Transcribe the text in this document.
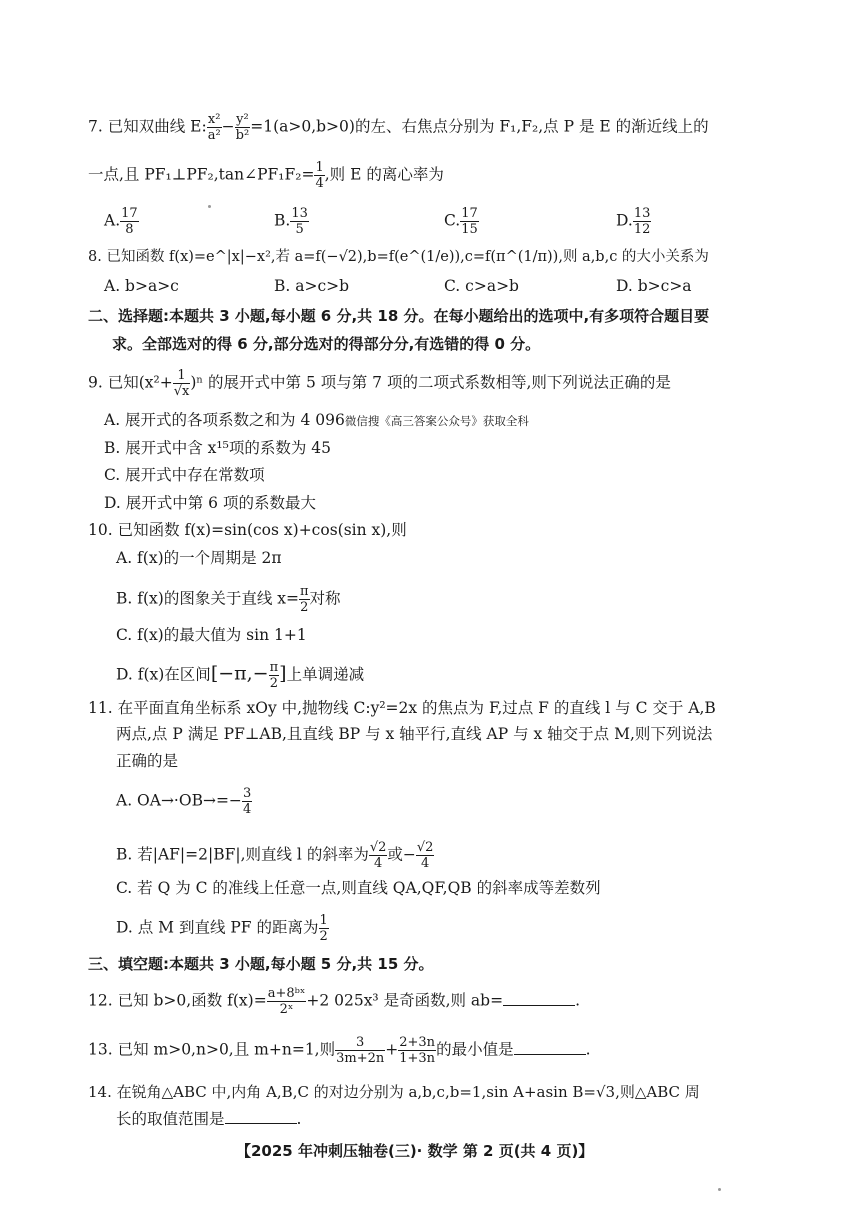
7. 已知双曲线 E: $\frac{\text{x²}}{\text{a²}} - \frac{\text{y²}}{\text{b²}} =1(a>0,b>0)$的左、右焦点分别为 F₁,F₂,点 P 是 E 的渐近线上的
一点,且 PF₁⊥PF₂,tan∠PF₁F₂= $\frac{1}{4}$ ,则 E 的离心率为
A. $\frac{17}{8}$	B. $\frac{13}{5}$	C. $\frac{17}{15}$	D. $\frac{13}{12}$
8. 已知函数 f(x)=e^|x|−x²,若 a=f(−√2),b=f(e^(1/e)),c=f(π^(1/π)),则 a,b,c 的大小关系为
A. b>a>c	B. a>c>b	C. c>a>b	D. b>c>a
二、选择题:本题共 3 小题,每小题 6 分,共 18 分。在每小题给出的选项中,有多项符合题目要
求。全部选对的得 6 分,部分选对的得部分分,有选错的得 0 分。
9. 已知$(x^2+ \frac{1}{√x} )^n$ 的展开式中第 5 项与第 7 项的二项式系数相等,则下列说法正确的是
A. 展开式的各项系数之和为 4 096微信搜《高三答案公众号》获取全科
B. 展开式中含 x¹⁵项的系数为 45
C. 展开式中存在常数项
D. 展开式中第 6 项的系数最大
10. 已知函数 f(x)=sin(cos x)+cos(sin x),则
A. f(x)的一个周期是 2π
B. f(x)的图象关于直线 $x= \frac{\pi}{2}$ 对称
C. f(x)的最大值为 sin 1+1
D. f(x)在区间[$-\pi,- \frac{\pi}{2}$ ]上单调递减
11. 在平面直角坐标系 xOy 中,抛物线 C:y²=2x 的焦点为 F,过点 F 的直线 l 与 C 交于 A,B
两点,点 P 满足 PF⊥AB,且直线 BP 与 x 轴平行,直线 AP 与 x 轴交于点 M,则下列说法
正确的是
A. $OA\to\cdot OB\to=- \frac{3}{4}$
B. 若|AF|=2|BF|,则直线 l 的斜率为 $\frac{√2}{4}$ 或− $\frac{√2}{4}$
C. 若 Q 为 C 的准线上任意一点,则直线 QA,QF,QB 的斜率成等差数列
D. 点 M 到直线 PF 的距离为 $\frac{1}{2}$
三、填空题:本题共 3 小题,每小题 5 分,共 15 分。
12. 已知 b>0,函数 $f(x)= \frac{\text{a+8ᵇˣ}}{\text{2ˣ}} +2$ 025x³ 是奇函数,则 ab=	.
13. 已知 m>0,n>0,且 m+n=1,则 $\frac{3}{3m+2n} + \frac{2+3n}{1+3n}$ 的最小值是	.
14. 在锐角△ABC 中,内角 A,B,C 的对边分别为 a,b,c,b=1,sin A+asin B=√3,则△ABC 周
长的取值范围是	.
【2025 年冲刺压轴卷(三)· 数学 第 2 页(共 4 页)】
